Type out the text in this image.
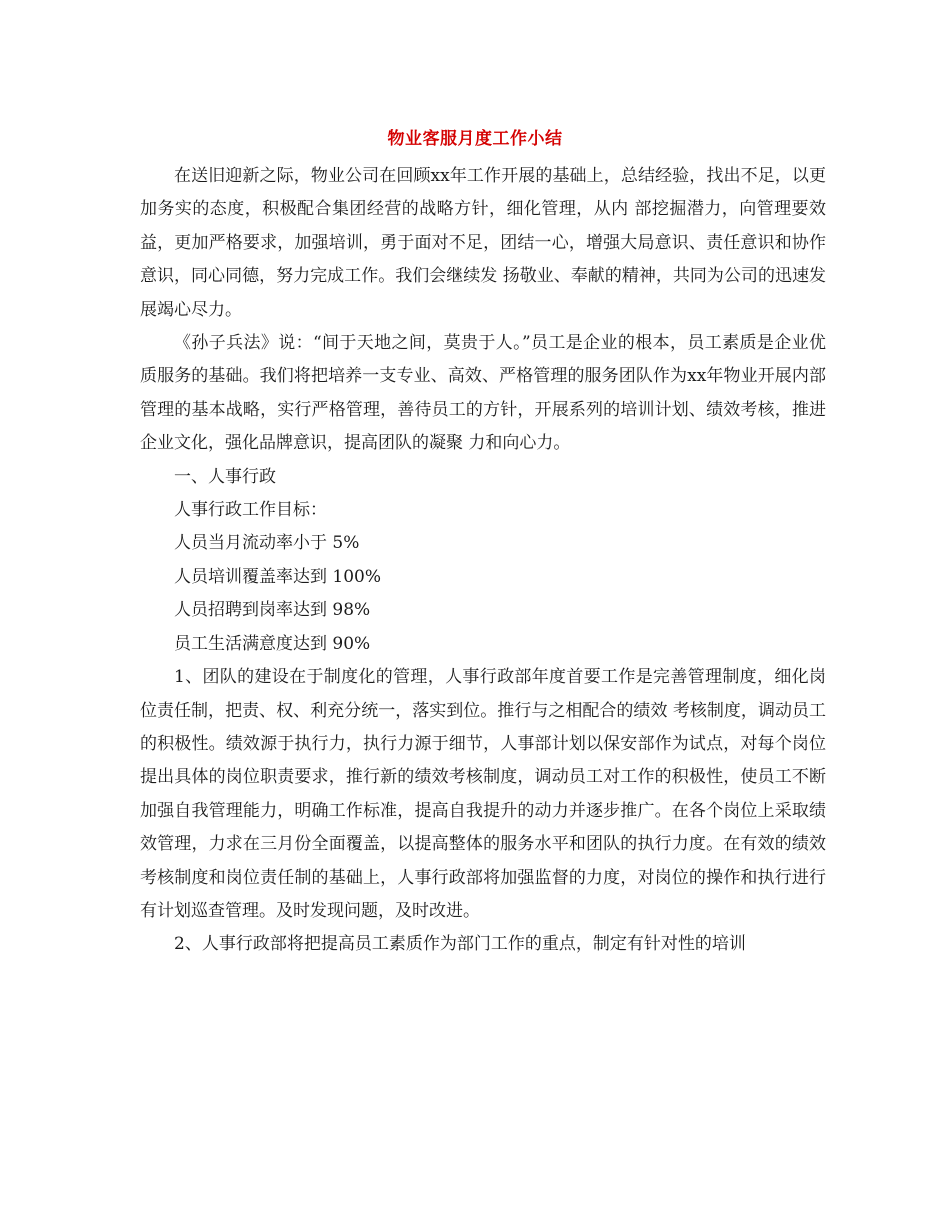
物业客服月度工作小结

在送旧迎新之际，物业公司在回顾xx年工作开展的基础上，总结经验，找出不足，以更加务实的态度，积极配合集团经营的战略方针，细化管理，从内 部挖掘潜力，向管理要效益，更加严格要求，加强培训，勇于面对不足，团结一心，增强大局意识、责任意识和协作意识，同心同德，努力完成工作。我们会继续发 扬敬业、奉献的精神，共同为公司的迅速发展竭心尽力。

《孙子兵法》说：“间于天地之间，莫贵于人。”员工是企业的根本，员工素质是企业优质服务的基础。我们将把培养一支专业、高效、严格管理的服务团队作为xx年物业开展内部管理的基本战略，实行严格管理，善待员工的方针，开展系列的培训计划、绩效考核，推进企业文化，强化品牌意识，提高团队的凝聚 力和向心力。

一、人事行政

人事行政工作目标：

人员当月流动率小于 5%

人员培训覆盖率达到 100%

人员招聘到岗率达到 98%

员工生活满意度达到 90%

1、团队的建设在于制度化的管理，人事行政部年度首要工作是完善管理制度，细化岗位责任制，把责、权、利充分统一，落实到位。推行与之相配合的绩效 考核制度，调动员工的积极性。绩效源于执行力，执行力源于细节，人事部计划以保安部作为试点，对每个岗位提出具体的岗位职责要求，推行新的绩效考核制度，调动员工对工作的积极性，使员工不断加强自我管理能力，明确工作标准，提高自我提升的动力并逐步推广。在各个岗位上采取绩效管理，力求在三月份全面覆盖，以提高整体的服务水平和团队的执行力度。在有效的绩效考核制度和岗位责任制的基础上，人事行政部将加强监督的力度，对岗位的操作和执行进行有计划巡查管理。及时发现问题，及时改进。

2、人事行政部将把提高员工素质作为部门工作的重点，制定有针对性的培训
